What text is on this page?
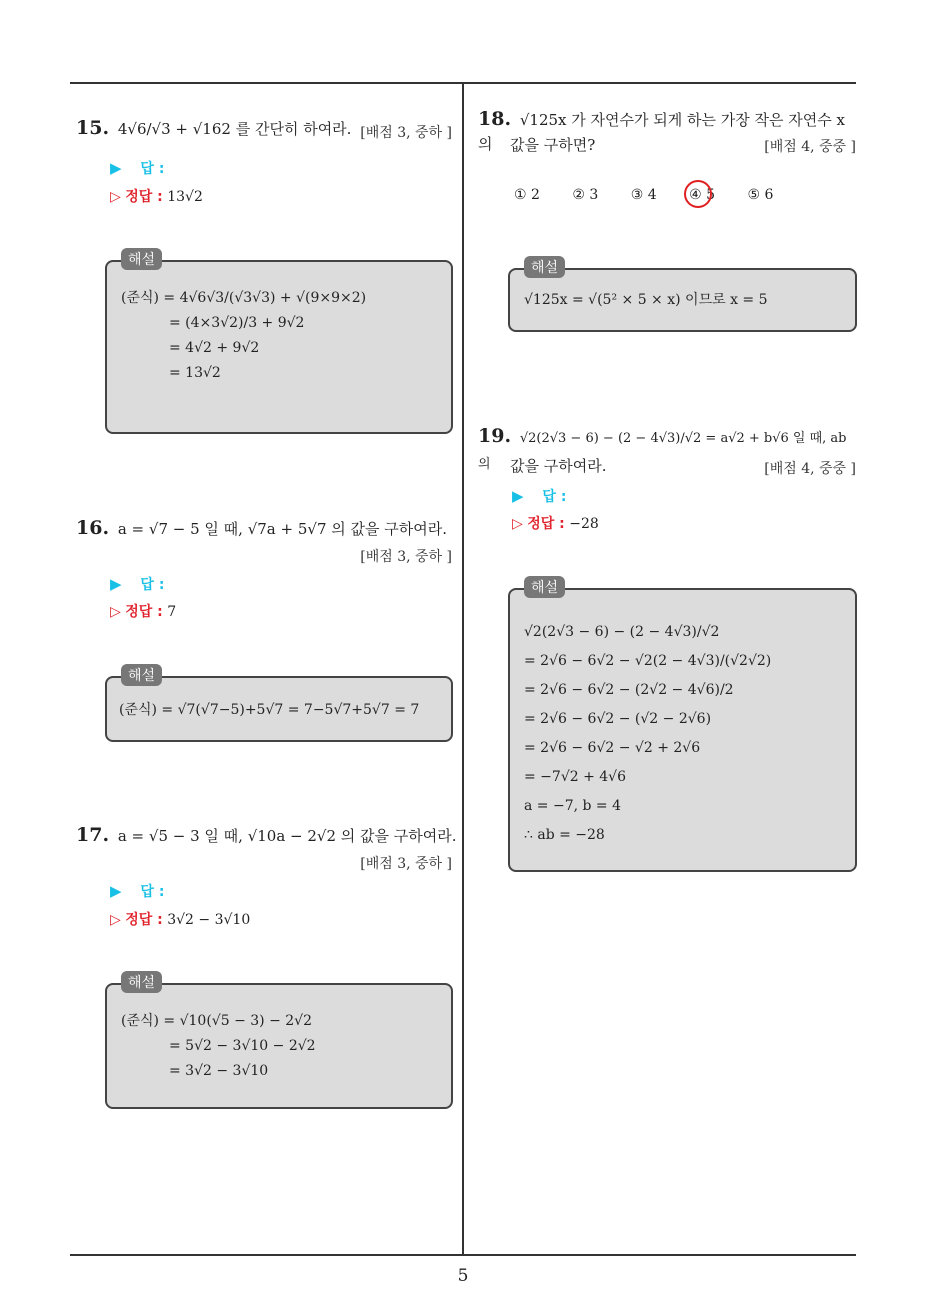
15. 4√6/√3 + √162 를 간단히 하여라. [배점 3, 중하 ]
▶ 답 :
▷ 정답 : 13√2
해설
(준식) = 4√6√3/(√3√3) + √(9×9×2)
= (4×3√2)/3 + 9√2
= 4√2 + 9√2
= 13√2
16. a = √7 − 5 일 때, √7a + 5√7 의 값을 구하여라.
[배점 3, 중하 ]
▶ 답 :
▷ 정답 : 7
해설
(준식) = √7(√7−5)+5√7 = 7−5√7+5√7 = 7
17. a = √5 − 3 일 때, √10a − 2√2 의 값을 구하여라.
[배점 3, 중하 ]
▶ 답 :
▷ 정답 : 3√2 − 3√10
해설
(준식) = √10(√5 − 3) − 2√2
= 5√2 − 3√10 − 2√2
= 3√2 − 3√10
18. √125x 가 자연수가 되게 하는 가장 작은 자연수 x 의	값을 구하면?	[배점 4, 중중 ]
① 2 ② 3 ③ 4 ④ 5 ⑤ 6
해설
√125x = √(5² × 5 × x) 이므로 x = 5
19. √2(2√3 − 6) − (2 − 4√3)/√2 = a√2 + b√6 일 때, ab 의	값을 구하여라.	[배점 4, 중중 ]
▶ 답 :
▷ 정답 : −28
해설
√2(2√3 − 6) − (2 − 4√3)/√2
= 2√6 − 6√2 − √2(2 − 4√3)/(√2√2)
= 2√6 − 6√2 − (2√2 − 4√6)/2
= 2√6 − 6√2 − (√2 − 2√6)
= 2√6 − 6√2 − √2 + 2√6
= −7√2 + 4√6
a = −7, b = 4
∴ ab = −28
5
